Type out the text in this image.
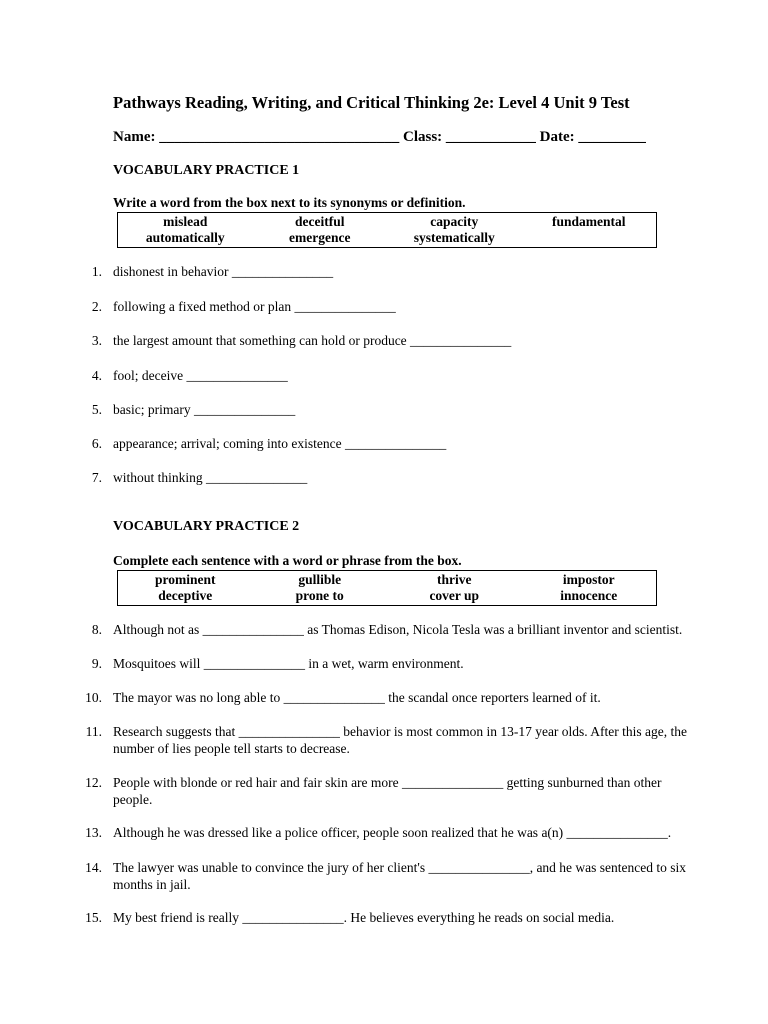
Pathways Reading, Writing, and Critical Thinking 2e: Level 4 Unit 9 Test
Name: ________________________________ Class: ____________ Date: _________
VOCABULARY PRACTICE 1
Write a word from the box next to its synonyms or definition.
mislead	deceitful	capacity	fundamental
automatically	emergence	systematically
1. dishonest in behavior _______________
2. following a fixed method or plan _______________
3. the largest amount that something can hold or produce _______________
4. fool; deceive _______________
5. basic; primary _______________
6. appearance; arrival; coming into existence _______________
7. without thinking _______________
VOCABULARY PRACTICE 2
Complete each sentence with a word or phrase from the box.
prominent	gullible	thrive	impostor
deceptive	prone to	cover up	innocence
8. Although not as _______________ as Thomas Edison, Nicola Tesla was a brilliant inventor and scientist.
9. Mosquitoes will _______________ in a wet, warm environment.
10. The mayor was no long able to _______________ the scandal once reporters learned of it.
11. Research suggests that _______________ behavior is most common in 13-17 year olds. After this age, the number of lies people tell starts to decrease.
12. People with blonde or red hair and fair skin are more _______________ getting sunburned than other people.
13. Although he was dressed like a police officer, people soon realized that he was a(n) _______________.
14. The lawyer was unable to convince the jury of her client's _______________, and he was sentenced to six months in jail.
15. My best friend is really _______________. He believes everything he reads on social media.
